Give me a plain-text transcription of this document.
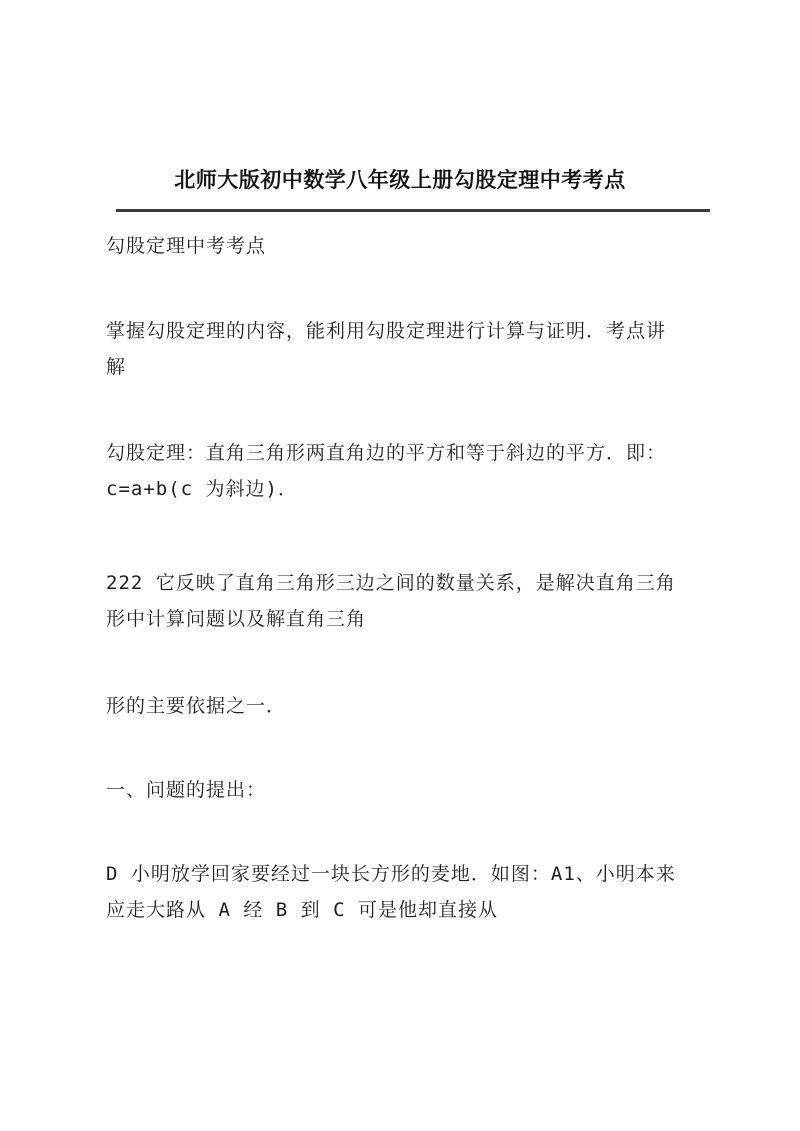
北师大版初中数学八年级上册勾股定理中考考点

勾股定理中考考点

掌握勾股定理的内容，能利用勾股定理进行计算与证明．考点讲
解

勾股定理：直角三角形两直角边的平方和等于斜边的平方．即：
c=a+b(c 为斜边)．

222 它反映了直角三角形三边之间的数量关系，是解决直角三角
形中计算问题以及解直角三角

形的主要依据之一．

一、问题的提出：

D 小明放学回家要经过一块长方形的麦地．如图：A1、小明本来
应走大路从 A 经 B 到 C 可是他却直接从
